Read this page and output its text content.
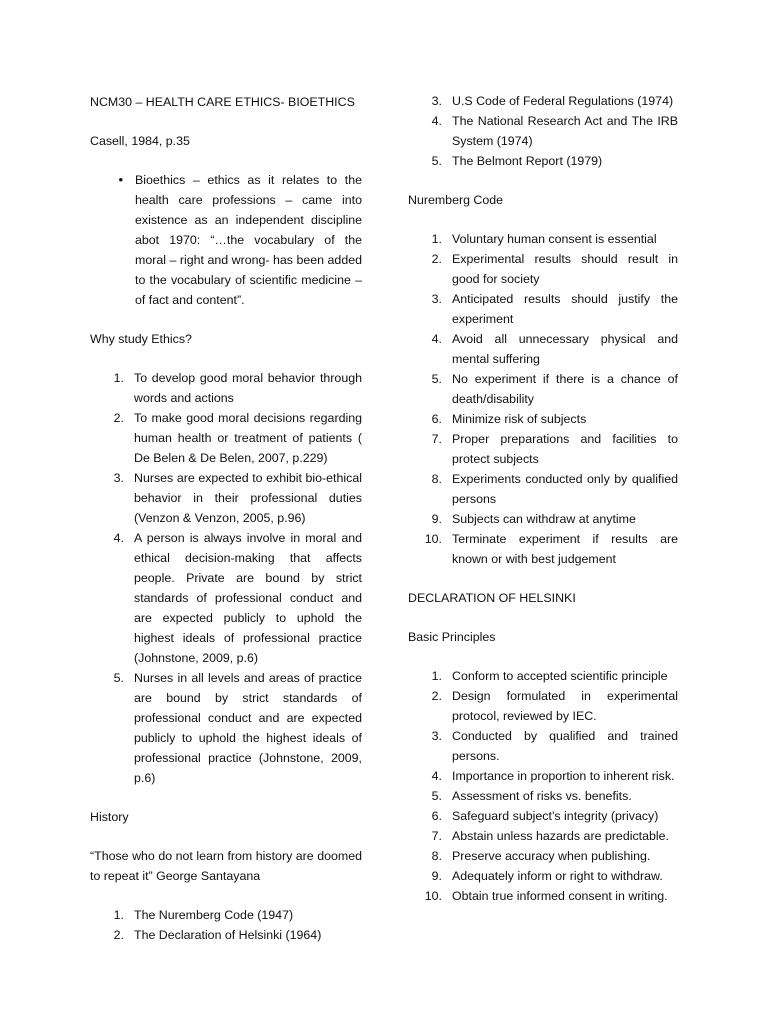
NCM30 – HEALTH CARE ETHICS- BIOETHICS

Casell, 1984, p.35

• Bioethics – ethics as it relates to the health care professions – came into existence as an independent discipline abot 1970: “…the vocabulary of the moral – right and wrong- has been added to the vocabulary of scientific medicine – of fact and content”.

Why study Ethics?

1. To develop good moral behavior through words and actions
2. To make good moral decisions regarding human health or treatment of patients ( De Belen & De Belen, 2007, p.229)
3. Nurses are expected to exhibit bio-ethical behavior in their professional duties (Venzon & Venzon, 2005, p.96)
4. A person is always involve in moral and ethical decision-making that affects people. Private are bound by strict standards of professional conduct and are expected publicly to uphold the highest ideals of professional practice (Johnstone, 2009, p.6)
5. Nurses in all levels and areas of practice are bound by strict standards of professional conduct and are expected publicly to uphold the highest ideals of professional practice (Johnstone, 2009, p.6)

History

“Those who do not learn from history are doomed to repeat it” George Santayana

1. The Nuremberg Code (1947)
2. The Declaration of Helsinki (1964)
3. U.S Code of Federal Regulations (1974)
4. The National Research Act and The IRB System (1974)
5. The Belmont Report (1979)

Nuremberg Code

1. Voluntary human consent is essential
2. Experimental results should result in good for society
3. Anticipated results should justify the experiment
4. Avoid all unnecessary physical and mental suffering
5. No experiment if there is a chance of death/disability
6. Minimize risk of subjects
7. Proper preparations and facilities to protect subjects
8. Experiments conducted only by qualified persons
9. Subjects can withdraw at anytime
10. Terminate experiment if results are known or with best judgement

DECLARATION OF HELSINKI

Basic Principles

1. Conform to accepted scientific principle
2. Design formulated in experimental protocol, reviewed by IEC.
3. Conducted by qualified and trained persons.
4. Importance in proportion to inherent risk.
5. Assessment of risks vs. benefits.
6. Safeguard subject’s integrity (privacy)
7. Abstain unless hazards are predictable.
8. Preserve accuracy when publishing.
9. Adequately inform or right to withdraw.
10. Obtain true informed consent in writing.
